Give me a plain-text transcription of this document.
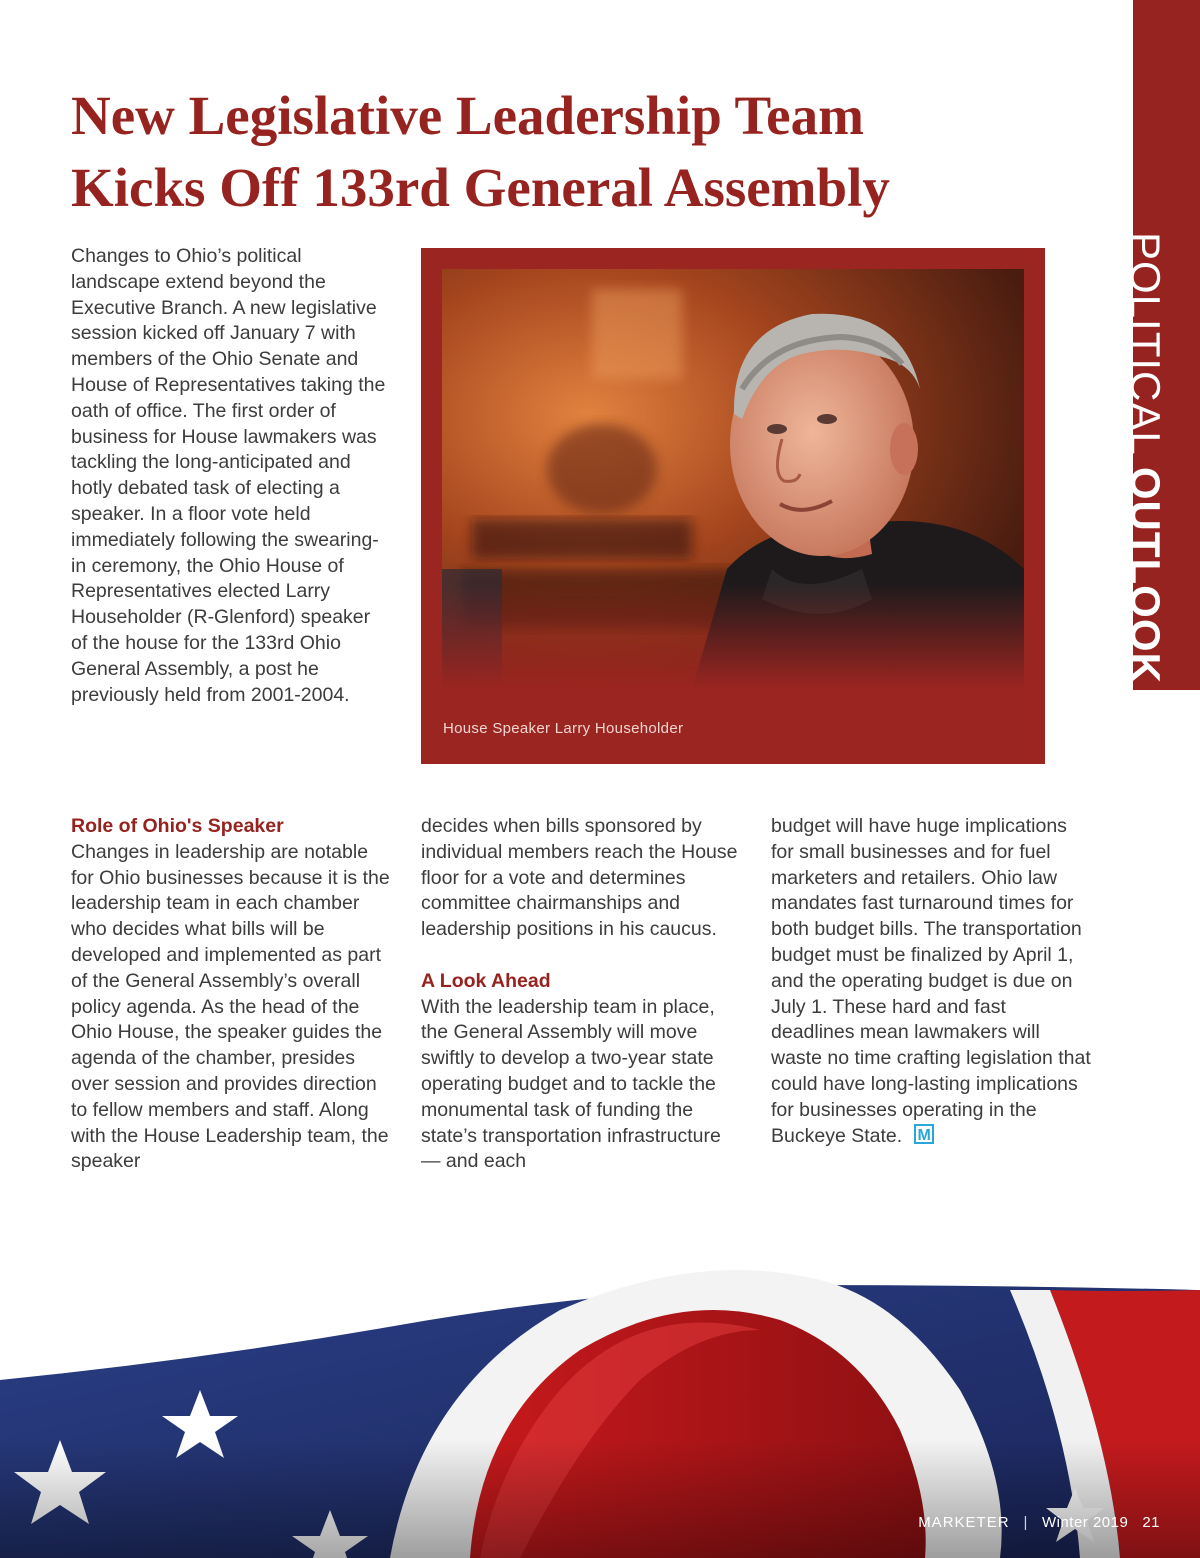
POLITICAL OUTLOOK
New Legislative Leadership Team
Kicks Off 133rd General Assembly

Changes to Ohio’s political landscape extend beyond the Executive Branch. A new legislative session kicked off January 7 with members of the Ohio Senate and House of Representatives taking the oath of office. The first order of business for House lawmakers was tackling the long-anticipated and hotly debated task of electing a speaker. In a floor vote held immediately following the swearing-in ceremony, the Ohio House of Representatives elected Larry Householder (R-Glenford) speaker of the house for the 133rd Ohio General Assembly, a post he previously held from 2001-2004.

House Speaker Larry Householder
Role of Ohio's Speaker

Changes in leadership are notable for Ohio businesses because it is the leadership team in each chamber who decides what bills will be developed and implemented as part of the General Assembly’s overall policy agenda. As the head of the Ohio House, the speaker guides the agenda of the chamber, presides over session and provides direction to fellow members and staff. Along with the House Leadership team, the speaker

decides when bills sponsored by individual members reach the House floor for a vote and determines committee chairmanships and leadership positions in his caucus.

A Look Ahead

With the leadership team in place, the General Assembly will move swiftly to develop a two-year state operating budget and to tackle the monumental task of funding the state’s transportation infrastructure — and each

budget will have huge implications for small businesses and for fuel marketers and retailers. Ohio law mandates fast turnaround times for both budget bills. The transportation budget must be finalized by April 1, and the operating budget is due on July 1. These hard and fast deadlines mean lawmakers will waste no time crafting legislation that could have long-lasting implications for businesses operating in the Buckeye State. M

MARKETER | Winter 2019 21
